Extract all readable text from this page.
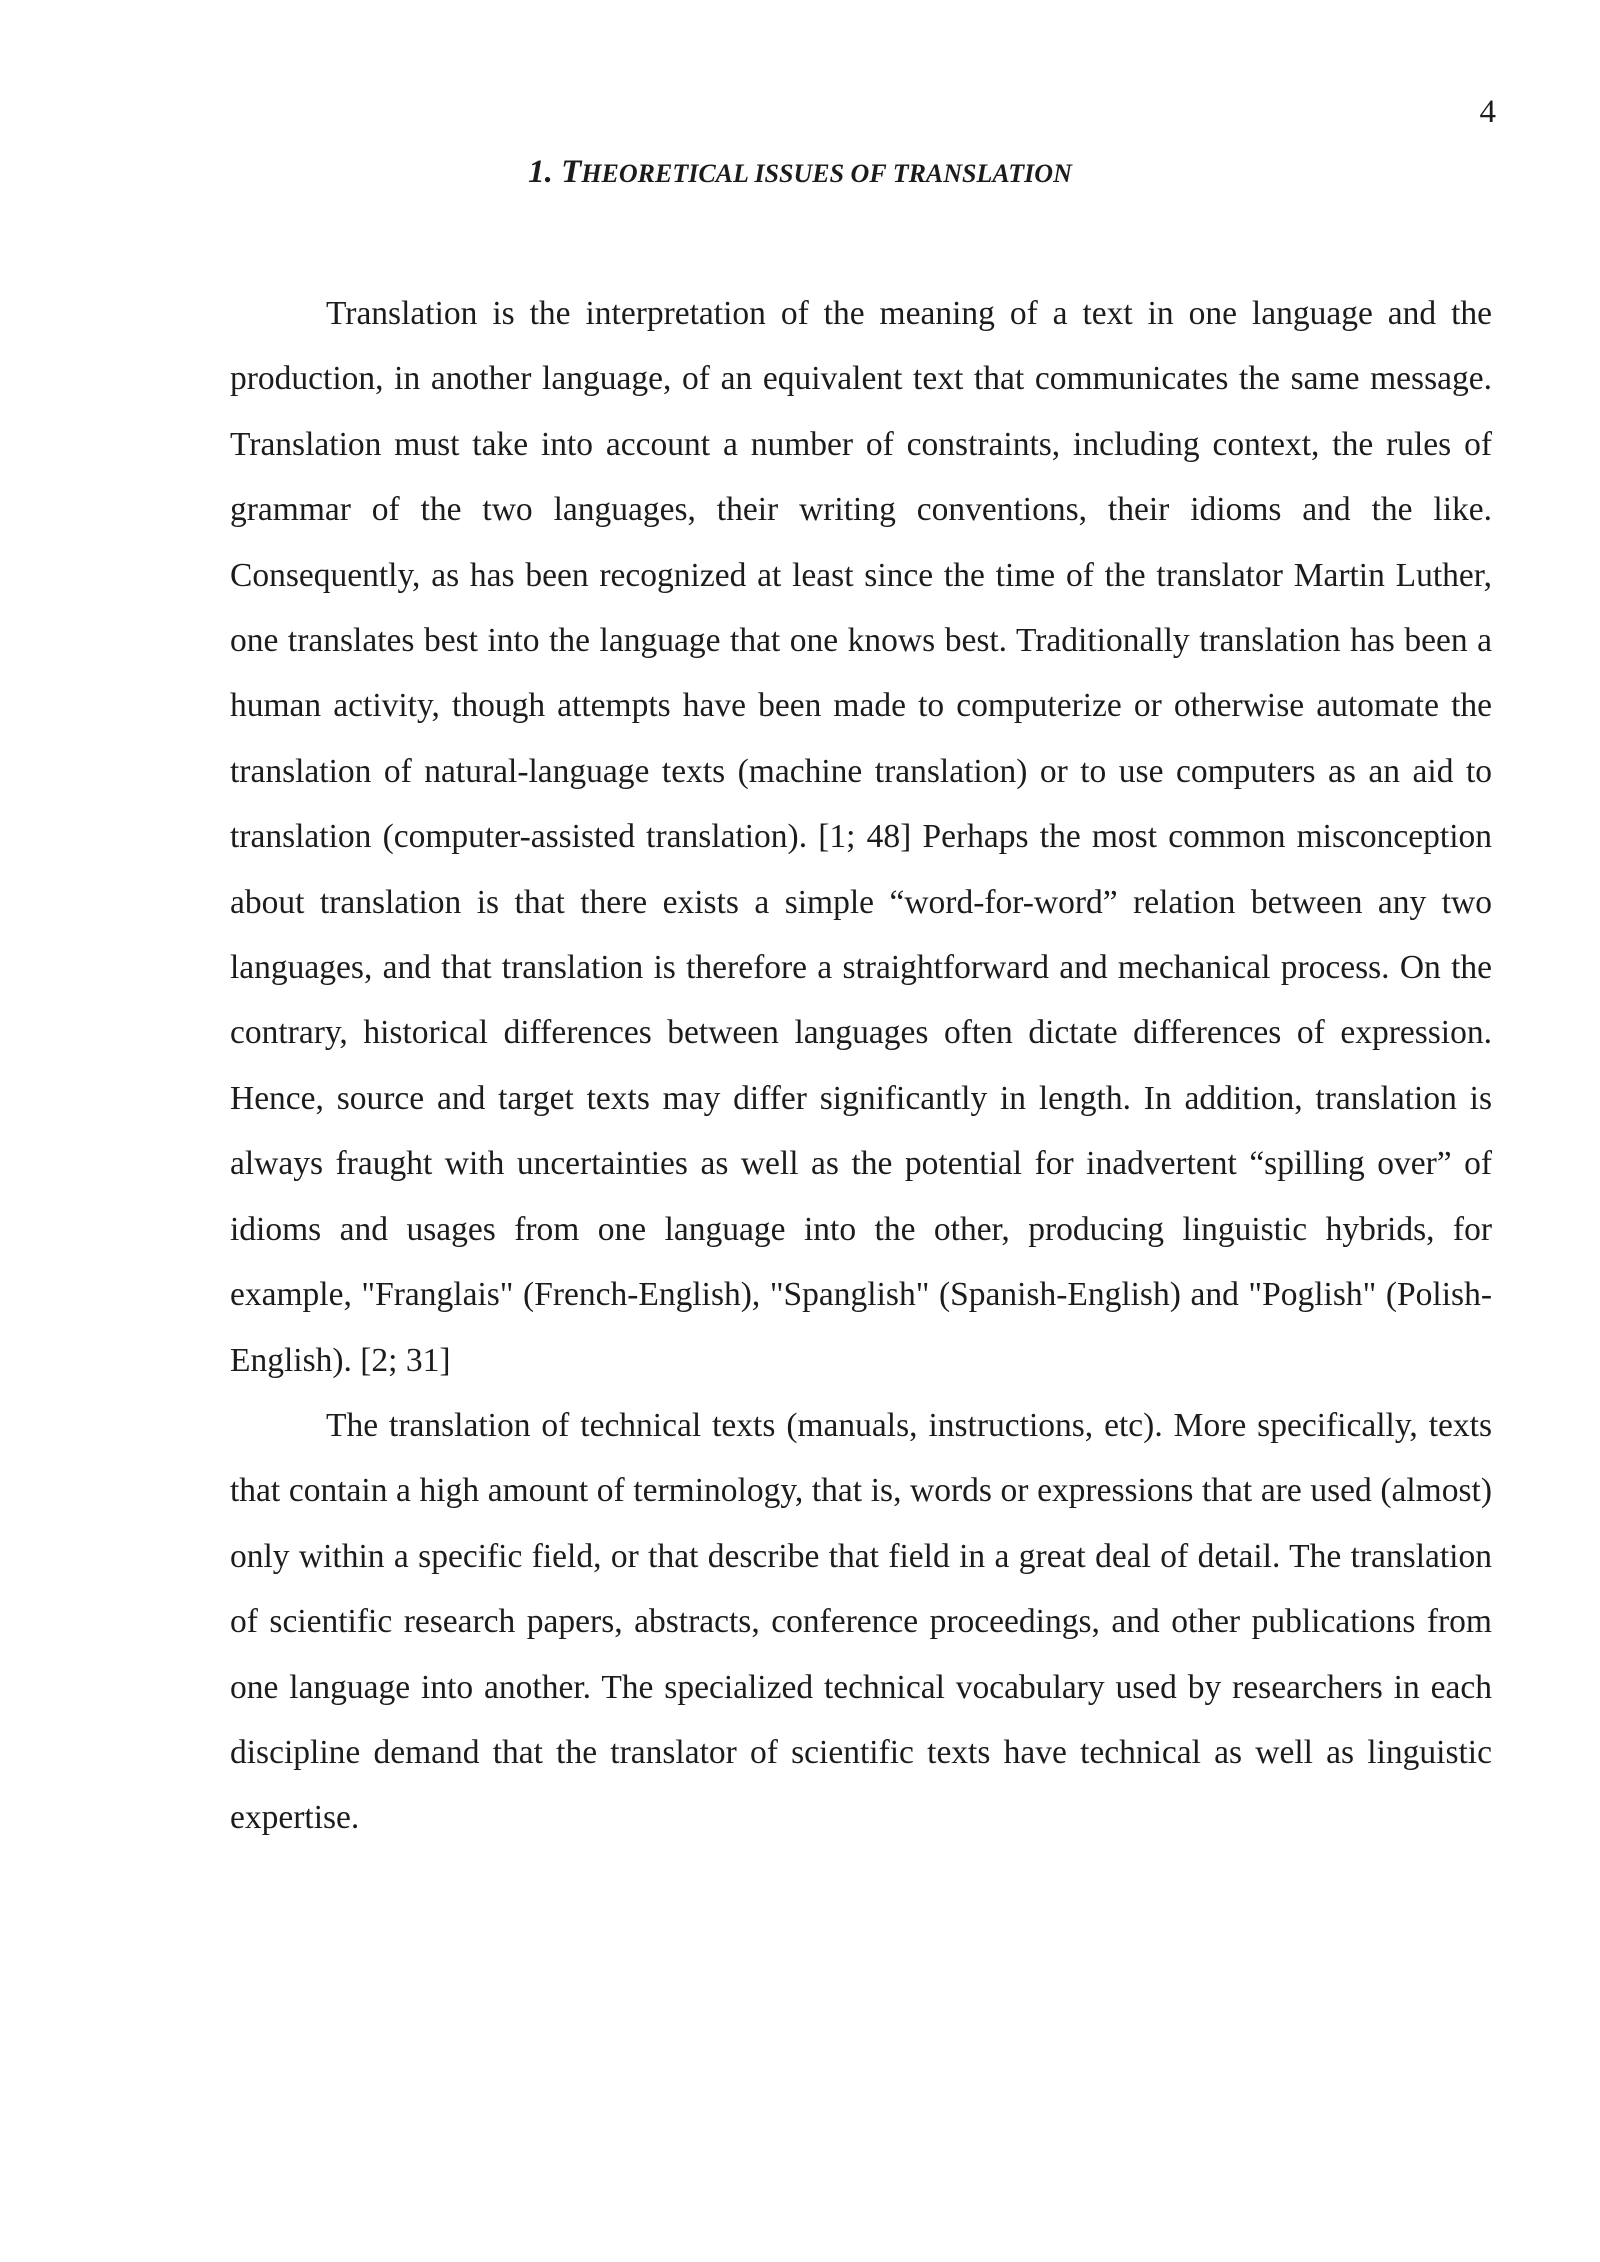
4
1. THEORETICAL ISSUES OF TRANSLATION

Translation is the interpretation of the meaning of a text in one language and the production, in another language, of an equivalent text that communicates the same message. Translation must take into account a number of constraints, including context, the rules of grammar of the two languages, their writing conventions, their idioms and the like. Consequently, as has been recognized at least since the time of the translator Martin Luther, one translates best into the language that one knows best. Traditionally translation has been a human activity, though attempts have been made to computerize or otherwise automate the translation of natural-language texts (machine translation) or to use computers as an aid to translation (computer-assisted translation). [1; 48] Perhaps the most common misconception about translation is that there exists a simple “word-for-word” relation between any two languages, and that translation is therefore a straightforward and mechanical process. On the contrary, historical differences between languages often dictate differences of expression. Hence, source and target texts may differ significantly in length. In addition, translation is always fraught with uncertainties as well as the potential for inadvertent “spilling over” of idioms and usages from one language into the other, producing linguistic hybrids, for example, "Franglais" (French-English), "Spanglish" (Spanish-English) and "Poglish" (Polish-English). [2; 31]

The translation of technical texts (manuals, instructions, etc). More specifically, texts that contain a high amount of terminology, that is, words or expressions that are used (almost) only within a specific field, or that describe that field in a great deal of detail. The translation of scientific research papers, abstracts, conference proceedings, and other publications from one language into another. The specialized technical vocabulary used by researchers in each discipline demand that the translator of scientific texts have technical as well as linguistic expertise.
